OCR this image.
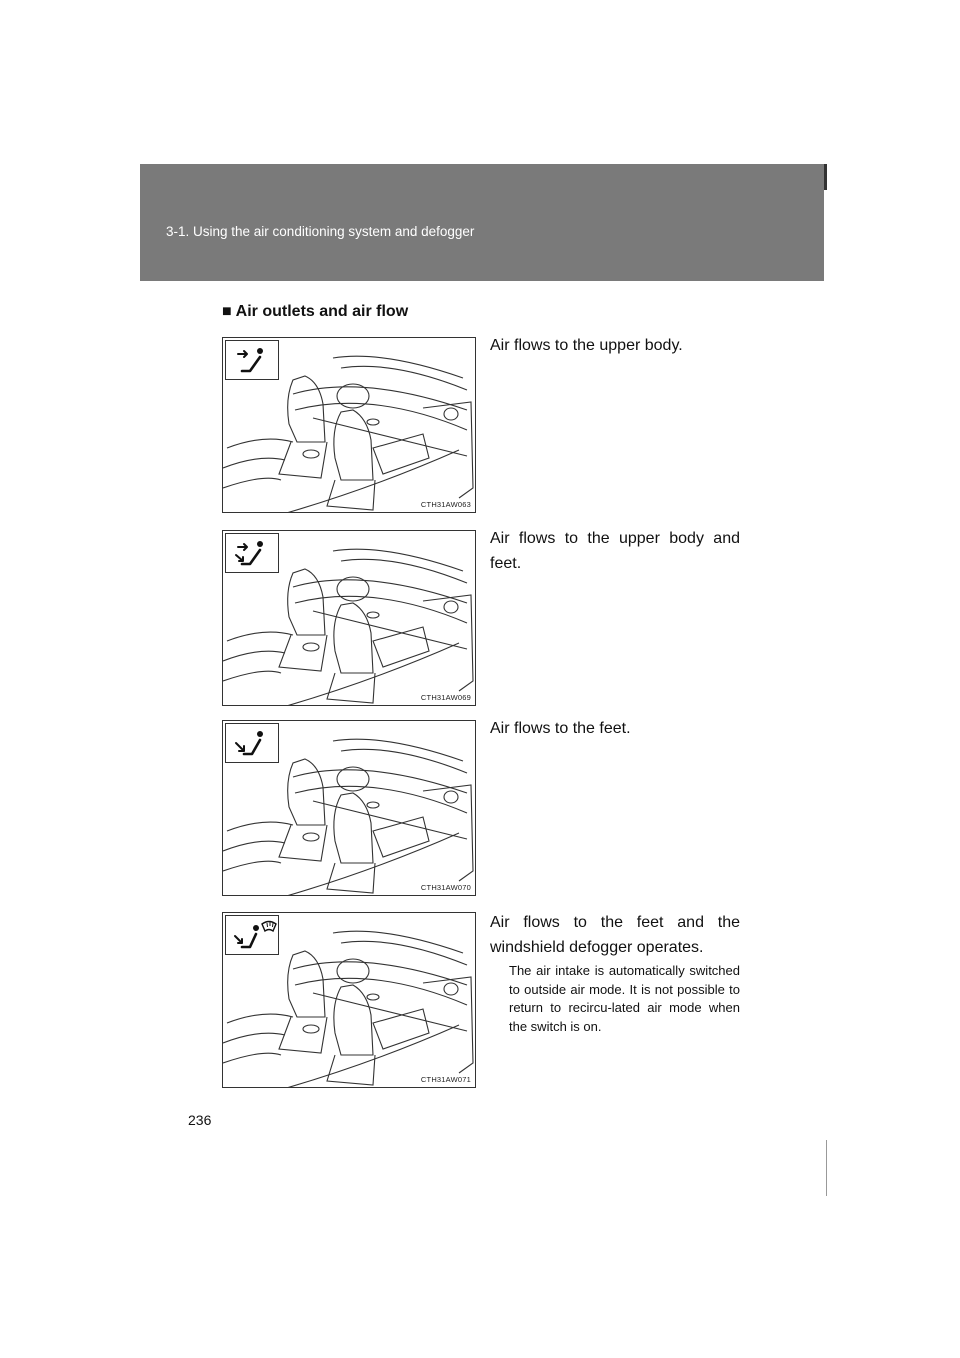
3-1. Using the air conditioning system and defogger
■ Air outlets and air flow
CTH31AW063
Air flows to the upper body.
CTH31AW069
Air flows to the upper body and feet.
CTH31AW070
Air flows to the feet.
CTH31AW071
Air flows to the feet and the windshield defogger operates.
The air intake is automatically switched to outside air mode. It is not possible to return to recircu-lated air mode when the switch is on.
236
